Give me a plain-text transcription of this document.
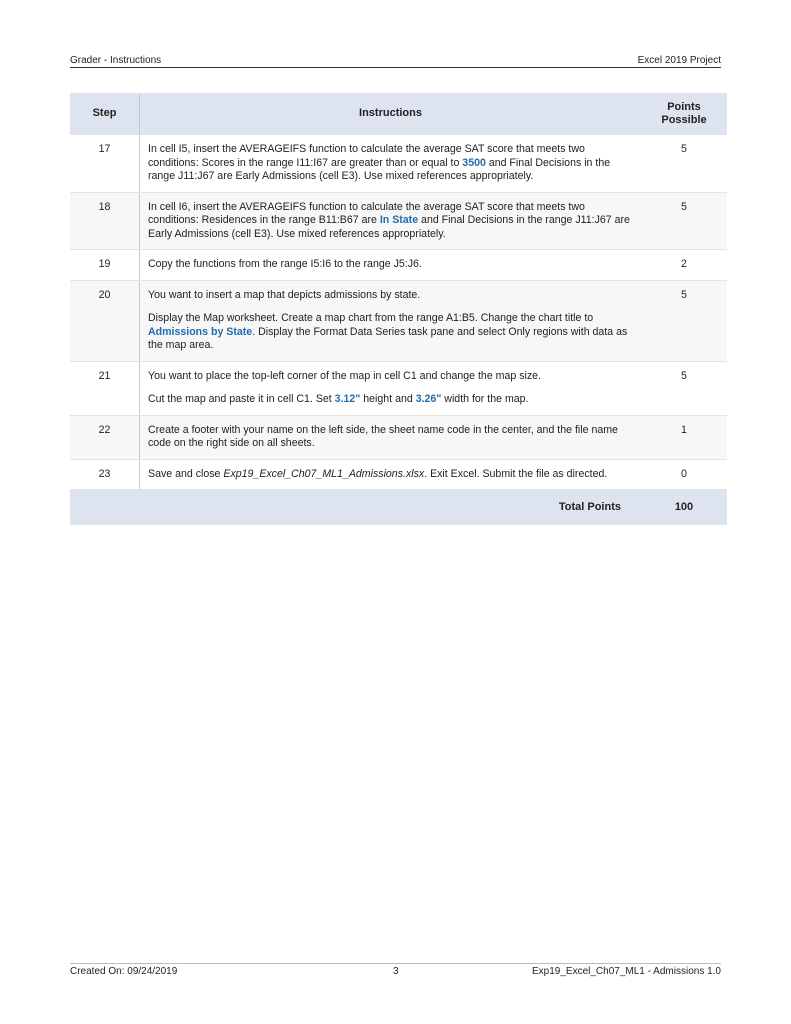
Grader - Instructions	Excel 2019 Project
Step	Instructions	Points
Possible
17	In cell I5, insert the AVERAGEIFS function to calculate the average SAT score that meets two conditions: Scores in the range I11:I67 are greater than or equal to 3500 and Final Decisions in the range J11:J67 are Early Admissions (cell E3). Use mixed references appropriately.	5
18	In cell I6, insert the AVERAGEIFS function to calculate the average SAT score that meets two conditions: Residences in the range B11:B67 are In State and Final Decisions in the range J11:J67 are Early Admissions (cell E3). Use mixed references appropriately.	5
19	Copy the functions from the range I5:I6 to the range J5:J6.	2
20	You want to insert a map that depicts admissions by state.
Display the Map worksheet. Create a map chart from the range A1:B5. Change the chart title to Admissions by State. Display the Format Data Series task pane and select Only regions with data as the map area.	5
21	You want to place the top-left corner of the map in cell C1 and change the map size.
Cut the map and paste it in cell C1. Set 3.12" height and 3.26" width for the map.	5
22	Create a footer with your name on the left side, the sheet name code in the center, and the file name code on the right side on all sheets.	1
23	Save and close Exp19_Excel_Ch07_ML1_Admissions.xlsx. Exit Excel. Submit the file as directed.	0
	Total Points	100
Created On: 09/24/2019	3	Exp19_Excel_Ch07_ML1 - Admissions 1.0
